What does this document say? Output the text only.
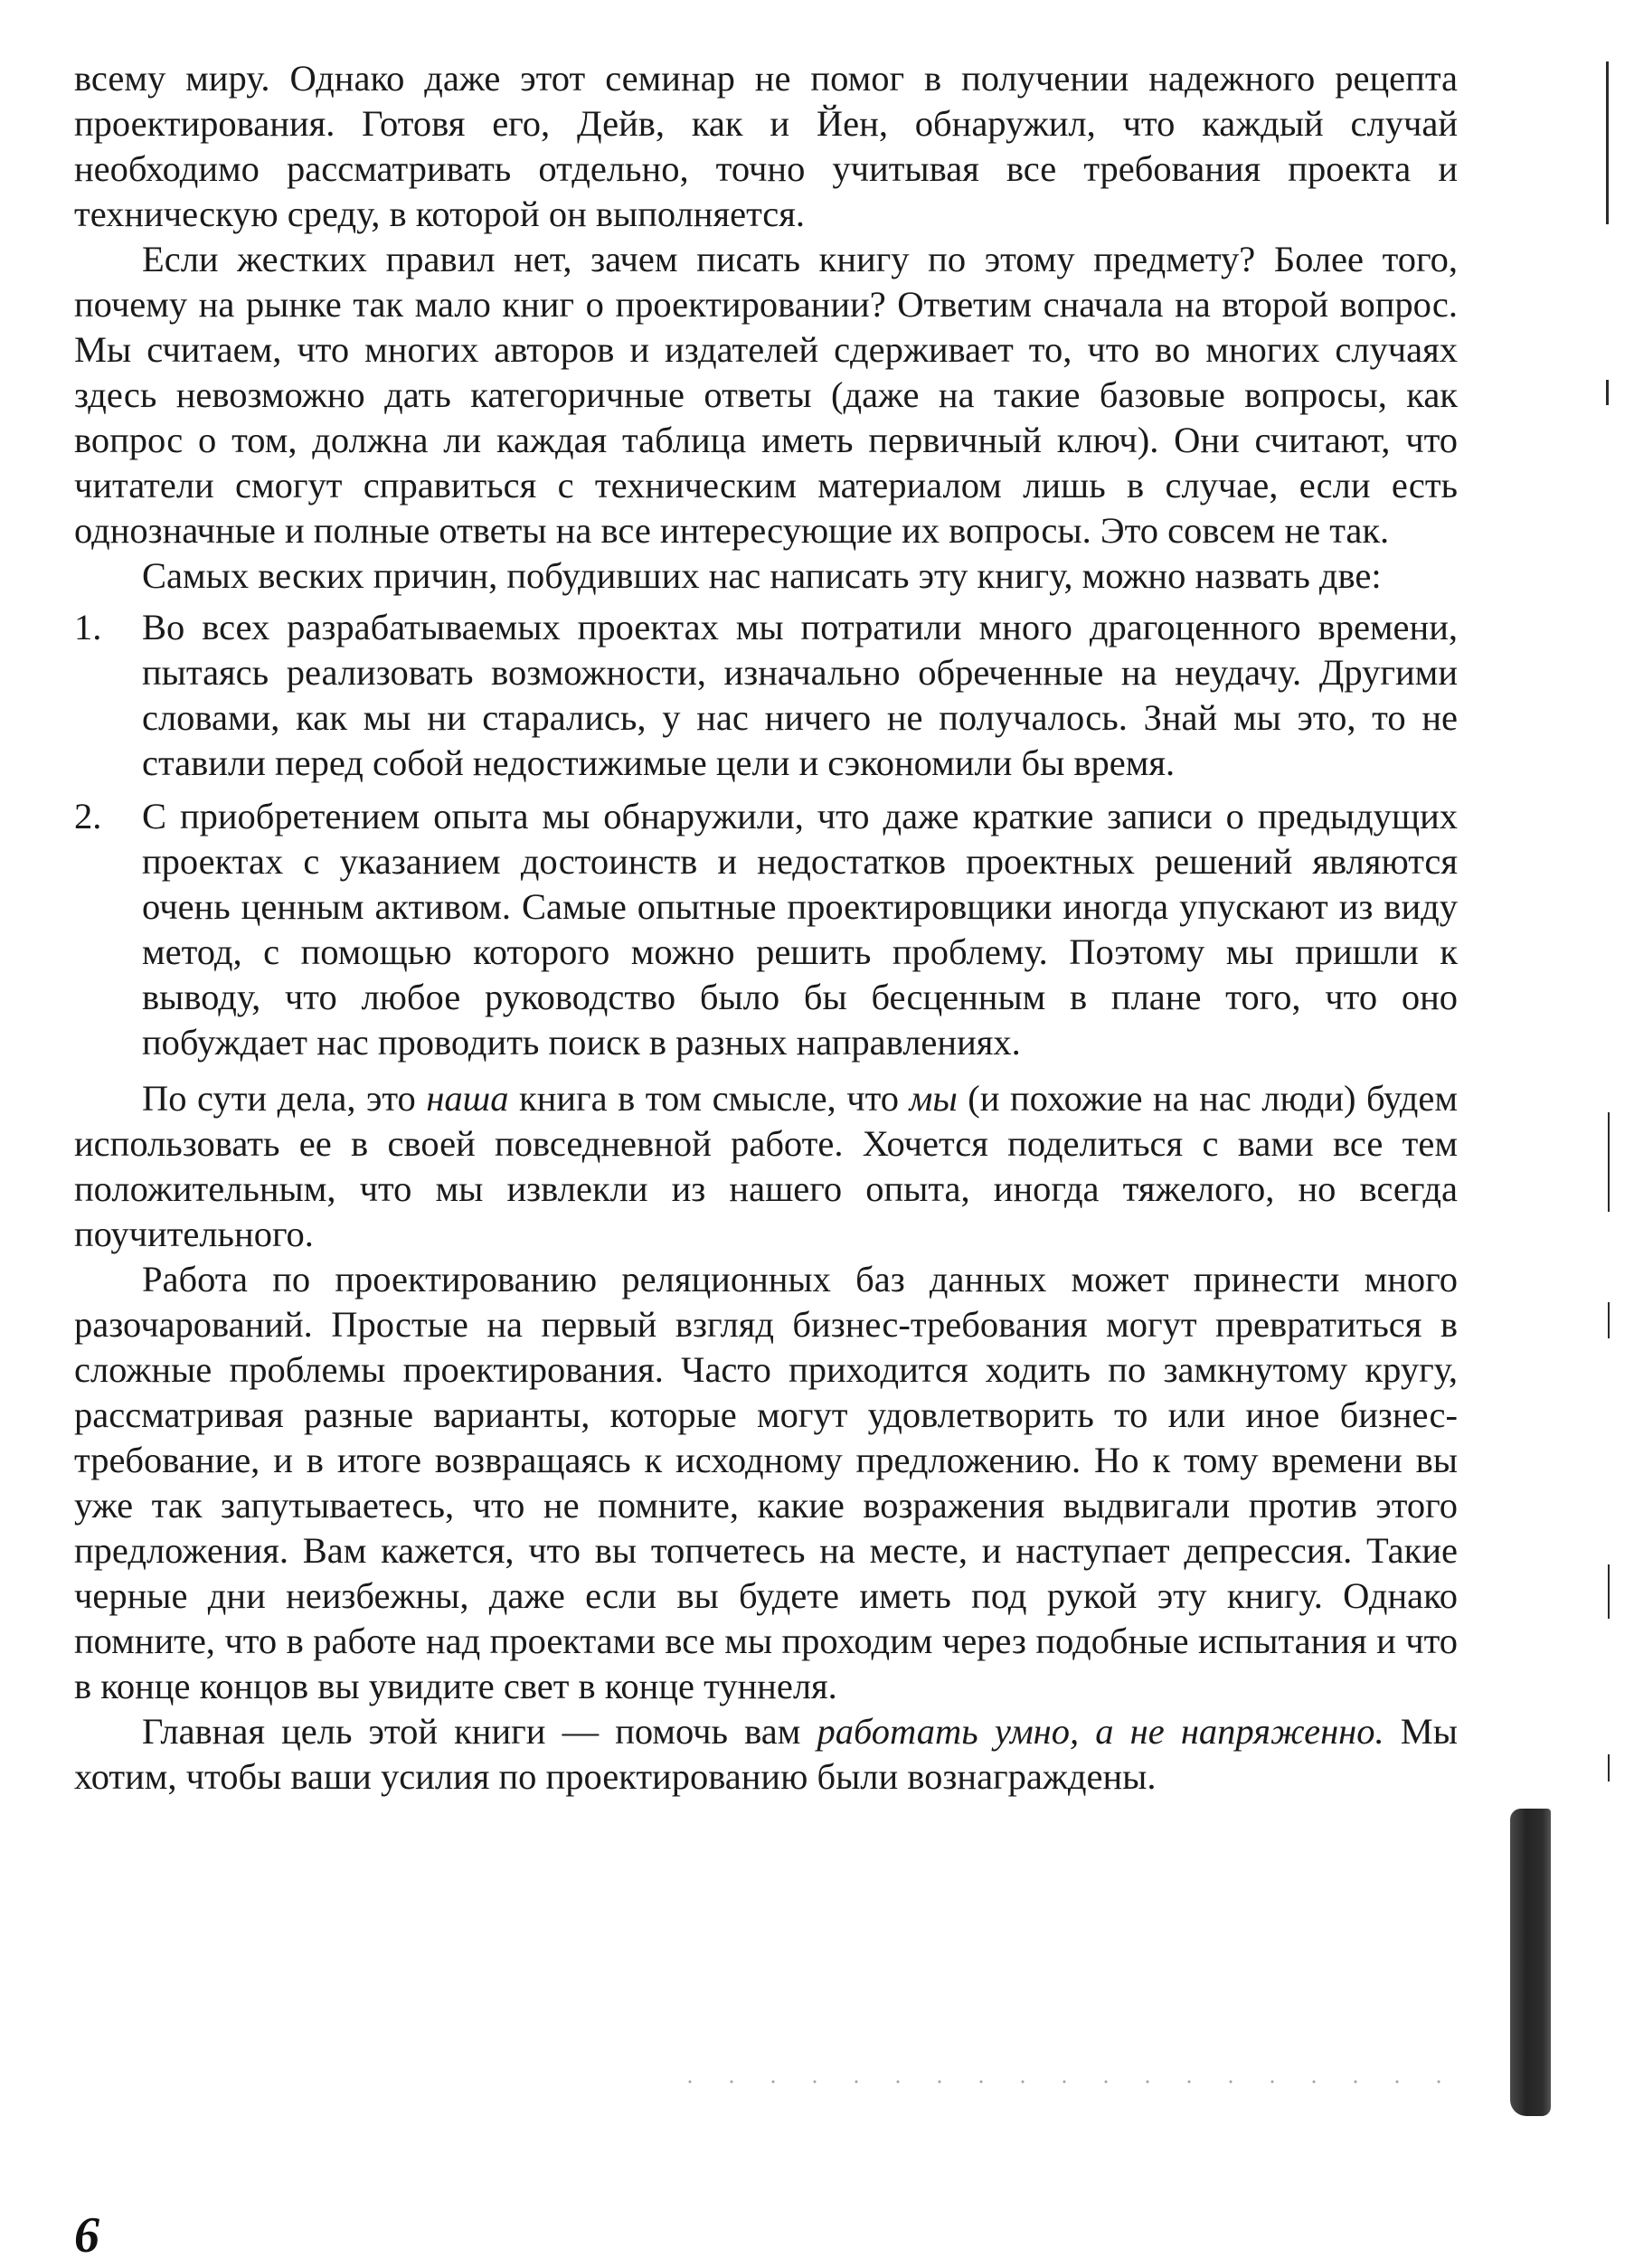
всему миру. Однако даже этот семинар не помог в получении надежного рецепта проектирования. Готовя его, Дейв, как и Йен, обнаружил, что каждый случай необходимо рассматривать отдельно, точно учитывая все требования проекта и техническую среду, в которой он выполняется.

Если жестких правил нет, зачем писать книгу по этому предмету? Более того, почему на рынке так мало книг о проектировании? Ответим сначала на второй вопрос. Мы считаем, что многих авторов и издателей сдерживает то, что во многих случаях здесь невозможно дать категоричные ответы (даже на такие базовые вопросы, как вопрос о том, должна ли каждая таблица иметь первичный ключ). Они считают, что читатели смогут справиться с техническим материалом лишь в случае, если есть однозначные и полные ответы на все интересующие их вопросы. Это совсем не так.

Самых веских причин, побудивших нас написать эту книгу, можно назвать две:

1. Во всех разрабатываемых проектах мы потратили много драгоценного времени, пытаясь реализовать возможности, изначально обреченные на неудачу. Другими словами, как мы ни старались, у нас ничего не получалось. Знай мы это, то не ставили перед собой недостижимые цели и сэкономили бы время.
2. С приобретением опыта мы обнаружили, что даже краткие записи о предыдущих проектах с указанием достоинств и недостатков проектных решений являются очень ценным активом. Самые опытные проектировщики иногда упускают из виду метод, с помощью которого можно решить проблему. Поэтому мы пришли к выводу, что любое руководство было бы бесценным в плане того, что оно побуждает нас проводить поиск в разных направлениях.

По сути дела, это наша книга в том смысле, что мы (и похожие на нас люди) будем использовать ее в своей повседневной работе. Хочется поделиться с вами все тем положительным, что мы извлекли из нашего опыта, иногда тяжелого, но всегда поучительного.

Работа по проектированию реляционных баз данных может принести много разочарований. Простые на первый взгляд бизнес-требования могут превратиться в сложные проблемы проектирования. Часто приходится ходить по замкнутому кругу, рассматривая разные варианты, которые могут удовлетворить то или иное бизнес-требование, и в итоге возвращаясь к исходному предложению. Но к тому времени вы уже так запутываетесь, что не помните, какие возражения выдвигали против этого предложения. Вам кажется, что вы топчетесь на месте, и наступает депрессия. Такие черные дни неизбежны, даже если вы будете иметь под рукой эту книгу. Однако помните, что в работе над проектами все мы проходим через подобные испытания и что в конце концов вы увидите свет в конце туннеля.

Главная цель этой книги — помочь вам работать умно, а не напряженно. Мы хотим, чтобы ваши усилия по проектированию были вознаграждены.

6
